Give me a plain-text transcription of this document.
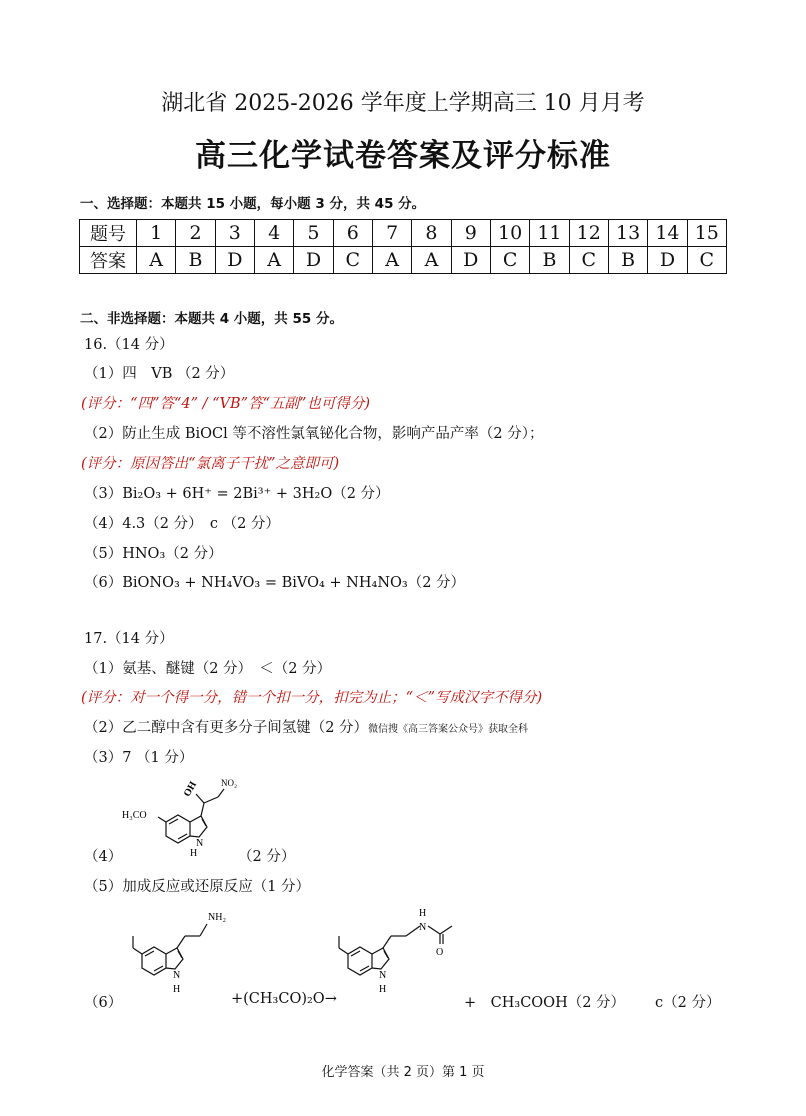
湖北省 2025-2026 学年度上学期高三 10 月月考
高三化学试卷答案及评分标准
一、选择题：本题共 15 小题，每小题 3 分，共 45 分。
题号	1	2	3	4	5	6	7	8	9	10	11	12	13	14	15
答案	A	B	D	A	D	C	A	A	D	C	B	C	B	D	C
二、非选择题：本题共 4 小题，共 55 分。
16.（14 分）
（1）四　VB （2 分）
(评分：“四”答“4” / “VB”答“五副”也可得分)
（2）防止生成 BiOCl 等不溶性氯氧铋化合物，影响产品产率（2 分）；
(评分：原因答出“氯离子干扰”之意即可)
（3）Bi₂O₃ + 6H⁺ = 2Bi³⁺ + 3H₂O（2 分）
（4）4.3（2 分）　c （2 分）
（5）HNO₃（2 分）
（6）BiONO₃ + NH₄VO₃ = BiVO₄ + NH₄NO₃（2 分）
17.（14 分）
（1）氨基、醚键（2 分）　＜（2 分）
(评分：对一个得一分，错一个扣一分，扣完为止；“＜”写成汉字不得分)
（2）乙二醇中含有更多分子间氢键（2 分）微信搜《高三答案公众号》获取全科
（3）7 （1 分）
H₃CO
OH NO₂
N
H
（4）	（2 分）
（5）加成反应或还原反应（1 分）
NH₂
N
H
N
H
O
N
H
（6）	+(CH₃CO)₂O→	+　CH₃COOH（2 分） c（2 分）
化学答案（共 2 页）第 1 页
